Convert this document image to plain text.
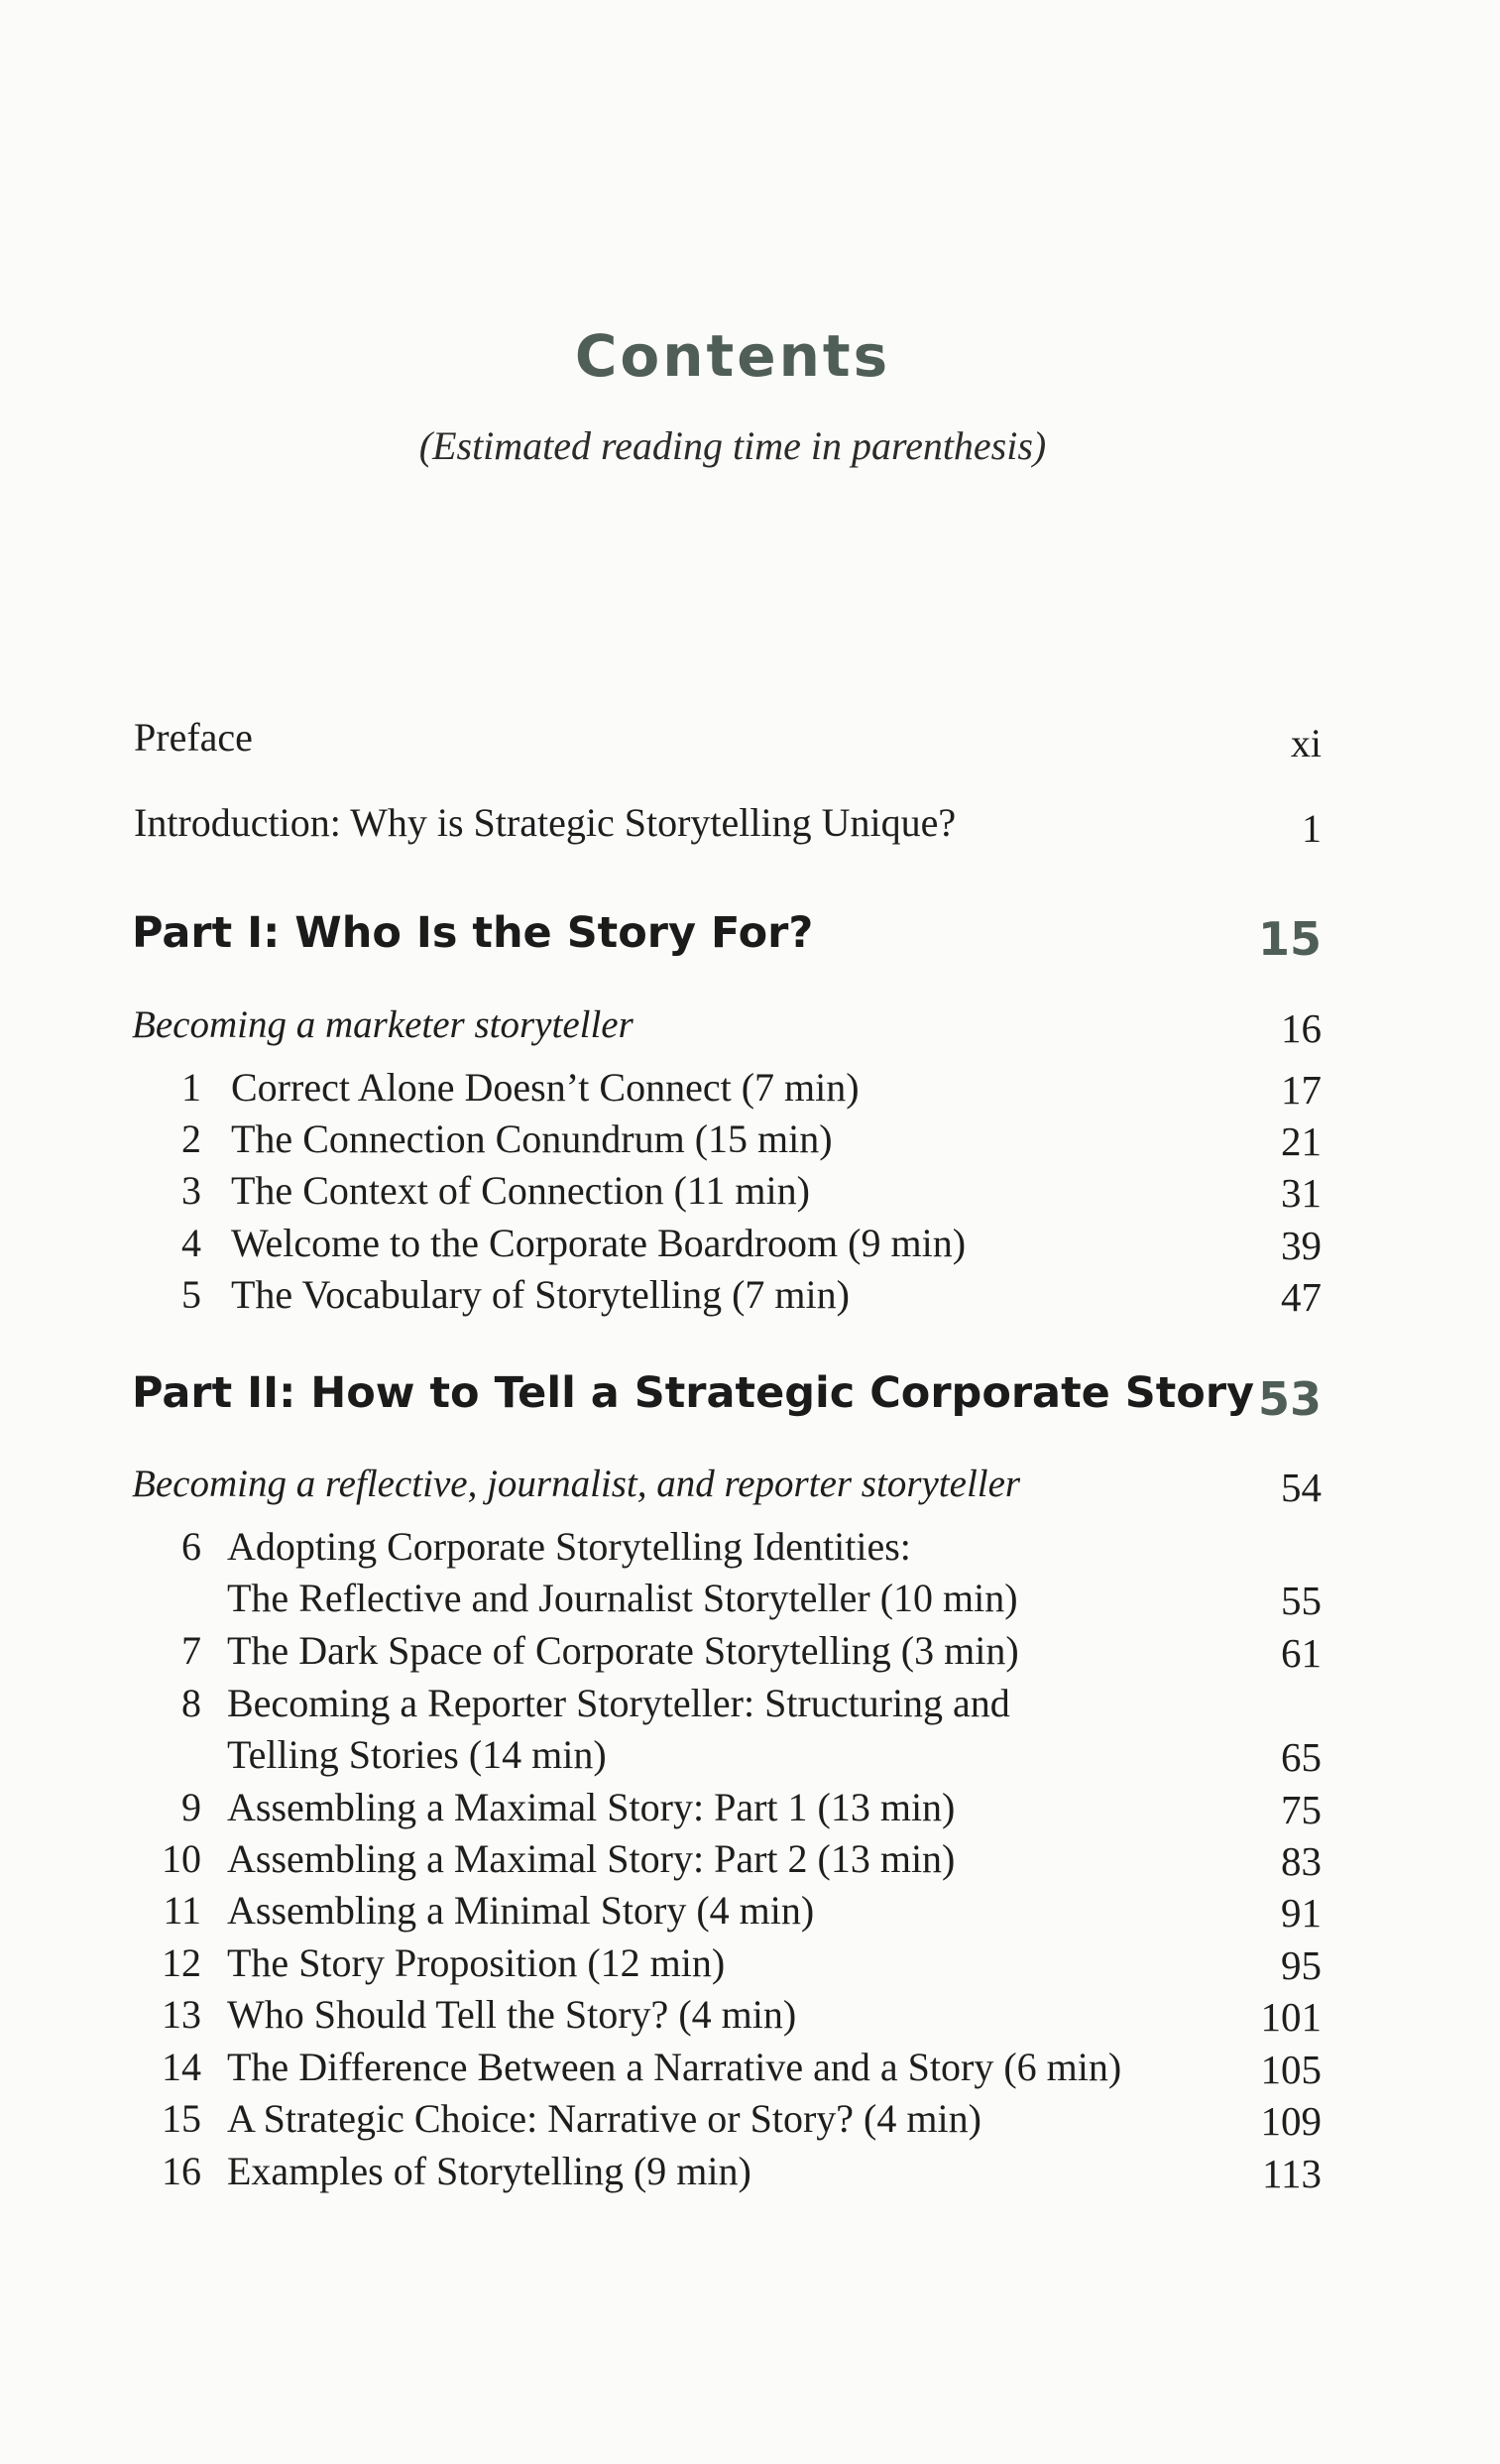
Contents
(Estimated reading time in parenthesis)
Preface	xi
Introduction: Why is Strategic Storytelling Unique?	1
Part I: Who Is the Story For?	15
Becoming a marketer storyteller	16
1 Correct Alone Doesn’t Connect (7 min)	17
2 The Connection Conundrum (15 min)	21
3 The Context of Connection (11 min)	31
4 Welcome to the Corporate Boardroom (9 min)	39
5 The Vocabulary of Storytelling (7 min)	47
Part II: How to Tell a Strategic Corporate Story 53
Becoming a reflective, journalist, and reporter storyteller	54
6 Adopting Corporate Storytelling Identities:
The Reflective and Journalist Storyteller (10 min)	55
7 The Dark Space of Corporate Storytelling (3 min)	61
8 Becoming a Reporter Storyteller: Structuring and
Telling Stories (14 min)	65
9 Assembling a Maximal Story: Part 1 (13 min)	75
10 Assembling a Maximal Story: Part 2 (13 min)	83
11 Assembling a Minimal Story (4 min)	91
12 The Story Proposition (12 min)	95
13 Who Should Tell the Story? (4 min)	101
14 The Difference Between a Narrative and a Story (6 min)	105
15 A Strategic Choice: Narrative or Story? (4 min)	109
16 Examples of Storytelling (9 min)	113
